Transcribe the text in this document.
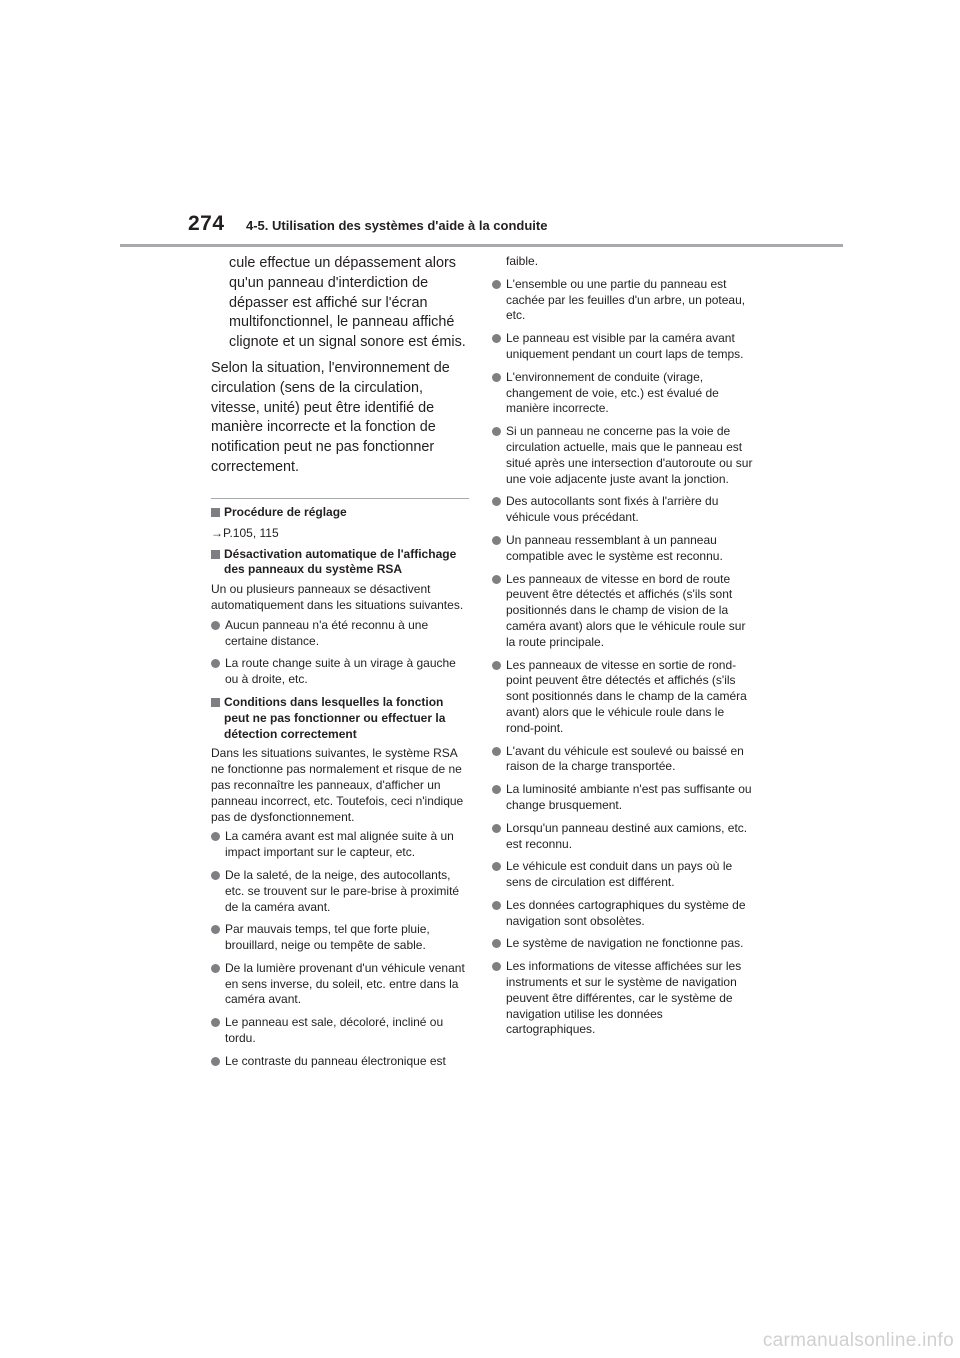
274 4-5. Utilisation des systèmes d'aide à la conduite

cule effectue un dépassement alors qu'un panneau d'interdiction de dépasser est affiché sur l'écran multifonctionnel, le panneau affiché clignote et un signal sonore est émis.

Selon la situation, l'environnement de circulation (sens de la circulation, vitesse, unité) peut être identifié de manière incorrecte et la fonction de notification peut ne pas fonctionner correctement.

Procédure de réglage
→P.105, 115
Désactivation automatique de l'affichage des panneaux du système RSA

Un ou plusieurs panneaux se désactivent automatiquement dans les situations suivantes.

Aucun panneau n'a été reconnu à une certaine distance.
La route change suite à un virage à gauche ou à droite, etc.
Conditions dans lesquelles la fonction peut ne pas fonctionner ou effectuer la détection correctement

Dans les situations suivantes, le système RSA ne fonctionne pas normalement et risque de ne pas reconnaître les panneaux, d'afficher un panneau incorrect, etc. Toutefois, ceci n'indique pas de dysfonctionnement.

La caméra avant est mal alignée suite à un impact important sur le capteur, etc.
De la saleté, de la neige, des autocollants, etc. se trouvent sur le pare-brise à proximité de la caméra avant.
Par mauvais temps, tel que forte pluie, brouillard, neige ou tempête de sable.
De la lumière provenant d'un véhicule venant en sens inverse, du soleil, etc. entre dans la caméra avant.
Le panneau est sale, décoloré, incliné ou tordu.
Le contraste du panneau électronique est
faible.
L'ensemble ou une partie du panneau est cachée par les feuilles d'un arbre, un poteau, etc.
Le panneau est visible par la caméra avant uniquement pendant un court laps de temps.
L'environnement de conduite (virage, changement de voie, etc.) est évalué de manière incorrecte.
Si un panneau ne concerne pas la voie de circulation actuelle, mais que le panneau est situé après une intersection d'autoroute ou sur une voie adjacente juste avant la jonction.
Des autocollants sont fixés à l'arrière du véhicule vous précédant.
Un panneau ressemblant à un panneau compatible avec le système est reconnu.
Les panneaux de vitesse en bord de route peuvent être détectés et affichés (s'ils sont positionnés dans le champ de vision de la caméra avant) alors que le véhicule roule sur la route principale.
Les panneaux de vitesse en sortie de rond-point peuvent être détectés et affichés (s'ils sont positionnés dans le champ de la caméra avant) alors que le véhicule roule dans le rond-point.
L'avant du véhicule est soulevé ou baissé en raison de la charge transportée.
La luminosité ambiante n'est pas suffisante ou change brusquement.
Lorsqu'un panneau destiné aux camions, etc. est reconnu.
Le véhicule est conduit dans un pays où le sens de circulation est différent.
Les données cartographiques du système de navigation sont obsolètes.
Le système de navigation ne fonctionne pas.
Les informations de vitesse affichées sur les instruments et sur le système de navigation peuvent être différentes, car le système de navigation utilise les données cartographiques.
carmanualsonline.info
